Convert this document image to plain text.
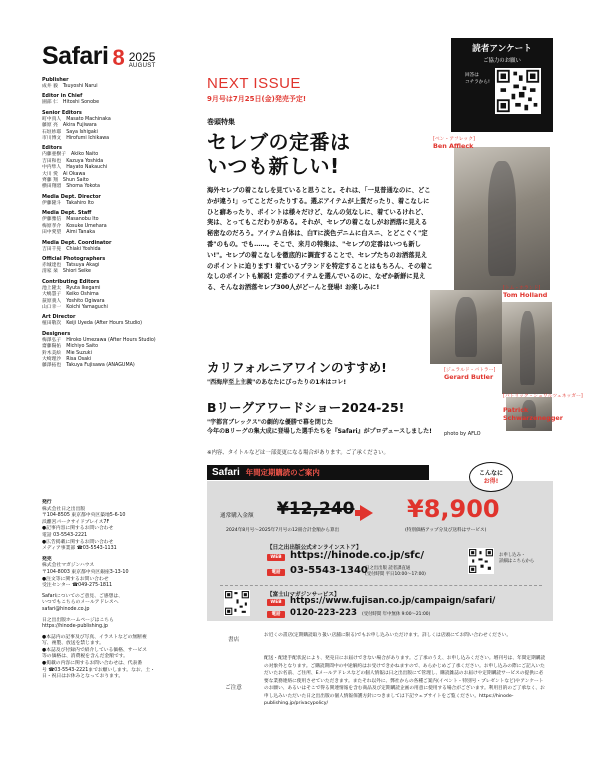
Safari 8 2025
AUGUST
Publisher
成井 毅 Tsuyoshi Narui
Editor in Chief
園部 仁 Hitoshi Sonobe
Senior Editors
町中真人 Masato Machinaka
藤原 亮 Akira Fujiwara
石垣紗耶 Saya Ishigaki
市川博文 Hirofumi Ichikawa
Editors
内藤亜樹子 Akiko Naito
吉田和也 Kazuya Yoshida
中内隼人 Hayato Nakauchi
大川 愛 Ai Okawa
齊藤 翔 Shun Saito
横田翔悶 Shoma Yokota
Media Dept. Director
伊藤隆斗 Takahiro Ito
Media Dept. Staff
伊藤雅信 Masanobu Ito
梅原孝介 Kosuke Umehara
田中愛望 Aimi Tanaka
Media Dept. Coordinator
吉田千晃 Chiaki Yoshida
Official Photographers
赤城達也 Tatsuya Akagi
清家 栞 Shiori Seike
Contributing Editors
池上隆太 Ryuta Ikegami
大嶋慧子 Keiko Oshima
荻原義人 Yoshito Ogiwara
山口幸一 Koichi Yamaguchi
Art Director
植田敬次 Keiji Uyeda (After Hours Studio)
Designers
梅澤弘子 Hiroko Umezawa (After Hours Studio)
齋藤陽佑 Michiyo Saito
鈴木美絵 Mie Suzuki
大崎理沙 Risa Osaki
藤澤拓也 Takuya Fujisawa (ANAGUMA)
発行
株式会社日之出出版
〒104-8505 東京都中央区築地5-6-10
浜離宮パークサイドプレイス7F
●記事内容に関するお問い合わせ
電話 03-5543-2221
●広告掲載に関するお問い合わせ
メディア事業部 ☎03-5543-1131
発売
株式会社マガジンハウス
〒104-8003 東京都中央区銀座3-13-10
●注文等に関するお問い合わせ
受注センター ☎049-275-1811
Safariについてのご意見、ご感想は、
いつでもこちらのメールアドレスへ
safari@hinode.co.jp
日之出出版ホームページはこちら
https://hinode-publishing.jp
●本誌内の記事及び写真、イラストなどの無断複
写、複製、放送を禁じます。
●本誌及び付録内で紹介している価格、サービス
等の価格は、消費税を含んだ金額です。
●掲載の内容に関するお問い合わせは、代表番
号 ☎03-5543-2221までお願いします。なお、土・
日・祝日はお休みとなっております。
NEXT ISSUE
9月号は7月25日(金)発売予定!
巻頭特集
セレブの定番は
いつも新しい!
海外セレブの着こなしを見ていると思うこと。それは、「一見普通なのに、どこかが違う!」ってことだったりする。選ぶアイテムが上質だったり、着こなしにひと癖あったり、ポイントは様々だけど、なんの気なしに、着ているけれど、実は、とってもこだわりがある。それが、セレブの着こなしがお洒落に見える秘密なのだろう。アイテム自体は、白Tに淡色デニムに白スニ、とどこぐく"定番"のもの。でも……。そこで、来月の特集は、"セレブの定番はいつも新しい!"。セレブの着こなしを徹底的に調査することで、セレブたちのお洒落見えのポイントに迫ります! 着ているブランドを特定することはもちろん、その着こなしのポイントも解説! 定番のアイテムを選んでいるのに、なぜか新鮮に見える、そんなお洒落セレブ300人がどーんと登場! お楽しみに!
カリフォルニアワインのすすめ!
"西海岸至上主義"のあなたにぴったりの1本はコレ!
Bリーグアワードショー2024-25!
"宇都宮ブレックス"の劇的な優勝で幕を閉じた
今年のBリーグの集大成に登場した選手たちを『Safari』がプロデュースしました!
※内容、タイトルなどは一部変更になる場合があります。ご了承ください。
[ベン・アフレック]
Ben Affleck
[ジェラルド・バトラー]
Gerard Butler
[トム・ホランド]
Tom Holland
[パトリック・シュワルツェネッガー]
Patrick
Schwarzenegger
photo by AFLO
読者アンケート
ご協力のお願い
回答は
コチラから!
Safari 年間定期購読のご案内	こんなに
お得!
通常購入金額 ¥12,240
2024年8月号〜2025年7月号の12冊合計金額から算出
¥8,900
(特別価格アップ分及び送料はサービス)
【日之出出版公式オンラインストア】
WEB https://hinode.co.jp/sfc/
電話 03-5543-1340
日之出出版 読者課直通
(受付時間 平日10:00〜17:00)
お申し込み・
詳細はこちらから
【富士山マガジンサービス】
WEB https://www.fujisan.co.jp/campaign/safari/
電話	0120-223-223 (受付時間 年中無休 9:00〜21:00)
書店
お近くの書店(定期購読取り扱い店舗に限る)でもお申し込みいただけます。詳しくは店頭にてお問い合わせください。
ご注意
配送・配達手配状況により、発売日にお届けできない場合があります。ご了承のうえ、お申し込みください。増刊号は、年間定期購読の対象外となります。ご購読期間中の中途解約はお受けできかねますので、あらかじめご了承ください。お申し込みの際にご記入いただいたお名前、ご住所、Eメールアドレスなどの個人情報は日之出出版にて管理し、購読雑誌のお届けや定期購読サービスの提供に必要な業務連絡に使用させていただきます。またそれ以外に、弊社からの各種ご案内(イベント・特別号・プレゼントなど)やアンケートのお願い、あるいはそこで得る関連情報を含む商品及び定期購読企画の用意に使用する場合がございます。利用目的のご了承なく、お申し込みいただいた日之出出版の個人情報保護方針につきましては下記ウェブサイトをご覧ください。https://hinode-publishing.jp/privacypolicy/
